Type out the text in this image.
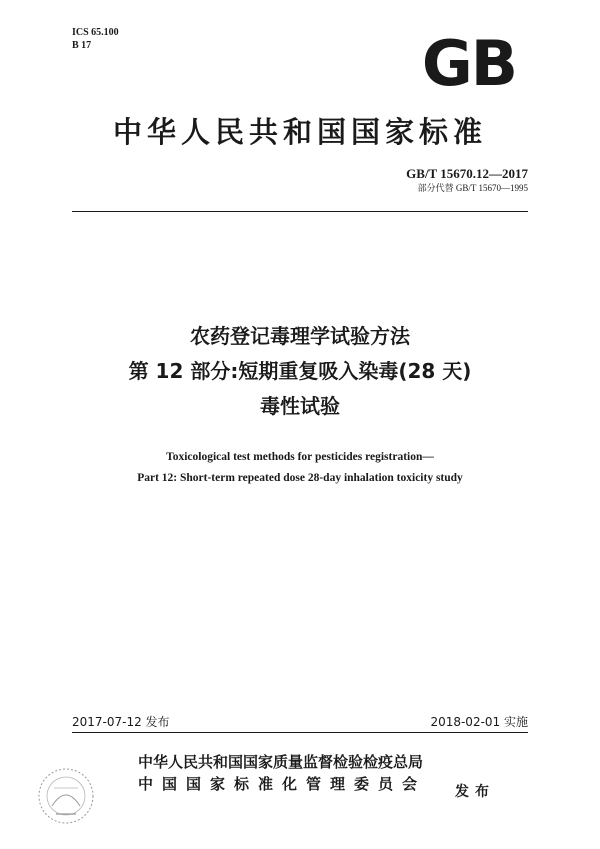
ICS 65.100
B 17	GB
中华人民共和国国家标准
GB/T 15670.12—2017
部分代替 GB/T 15670—1995
农药登记毒理学试验方法
第 12 部分:短期重复吸入染毒(28 天)
毒性试验
Toxicological test methods for pesticides registration—
Part 12: Short-term repeated dose 28-day inhalation toxicity study
2017-07-12 发布	2018-02-01 实施
中华人民共和国国家质量监督检验检疫总局
中国国家标准化管理委员会 发布
